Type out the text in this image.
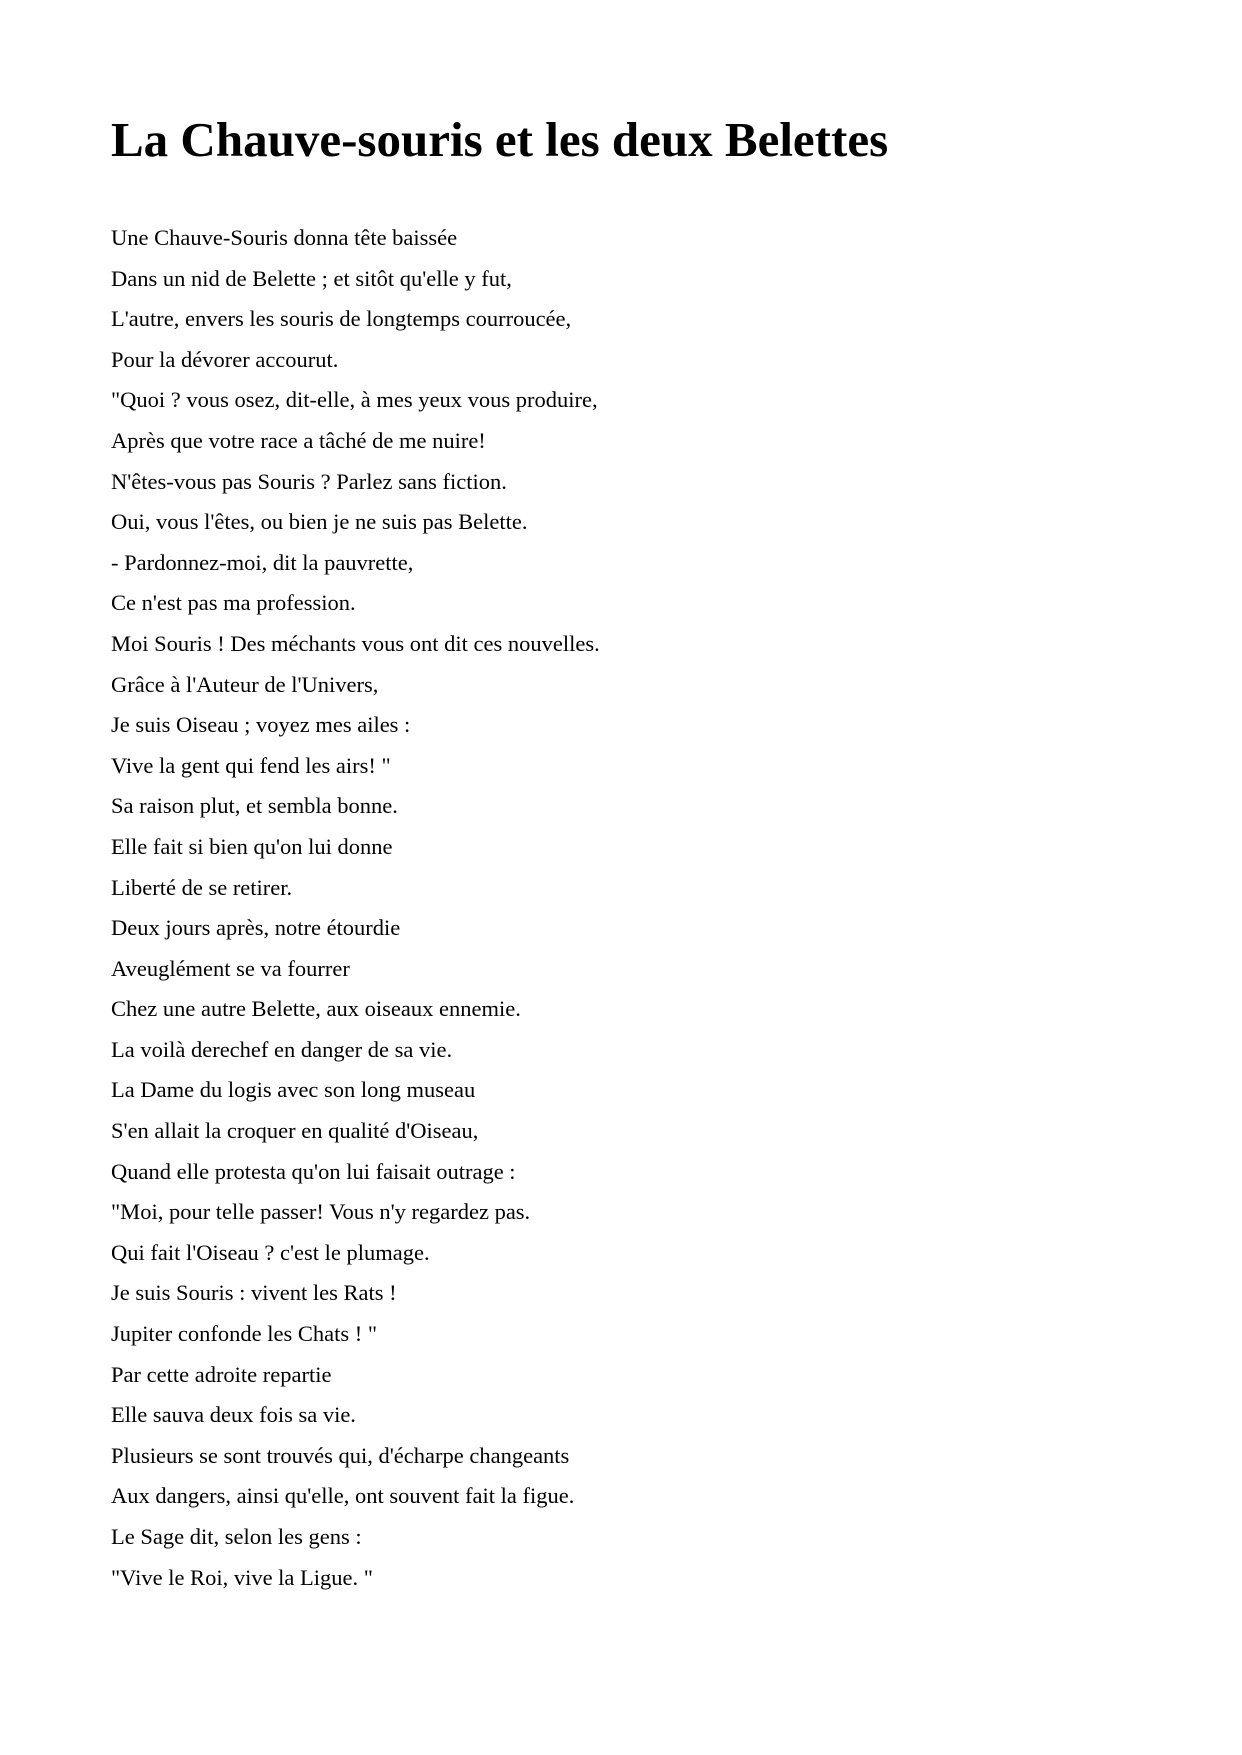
La Chauve-souris et les deux Belettes
Une Chauve-Souris donna tête baissée
Dans un nid de Belette ; et sitôt qu'elle y fut,
L'autre, envers les souris de longtemps courroucée,
Pour la dévorer accourut.
"Quoi ? vous osez, dit-elle, à mes yeux vous produire,
Après que votre race a tâché de me nuire!
N'êtes-vous pas Souris ? Parlez sans fiction.
Oui, vous l'êtes, ou bien je ne suis pas Belette.
- Pardonnez-moi, dit la pauvrette,
Ce n'est pas ma profession.
Moi Souris ! Des méchants vous ont dit ces nouvelles.
Grâce à l'Auteur de l'Univers,
Je suis Oiseau ; voyez mes ailes :
Vive la gent qui fend les airs! "
Sa raison plut, et sembla bonne.
Elle fait si bien qu'on lui donne
Liberté de se retirer.
Deux jours après, notre étourdie
Aveuglément se va fourrer
Chez une autre Belette, aux oiseaux ennemie.
La voilà derechef en danger de sa vie.
La Dame du logis avec son long museau
S'en allait la croquer en qualité d'Oiseau,
Quand elle protesta qu'on lui faisait outrage :
"Moi, pour telle passer! Vous n'y regardez pas.
Qui fait l'Oiseau ? c'est le plumage.
Je suis Souris : vivent les Rats !
Jupiter confonde les Chats ! "
Par cette adroite repartie
Elle sauva deux fois sa vie.
Plusieurs se sont trouvés qui, d'écharpe changeants
Aux dangers, ainsi qu'elle, ont souvent fait la figue.
Le Sage dit, selon les gens :
"Vive le Roi, vive la Ligue. "
